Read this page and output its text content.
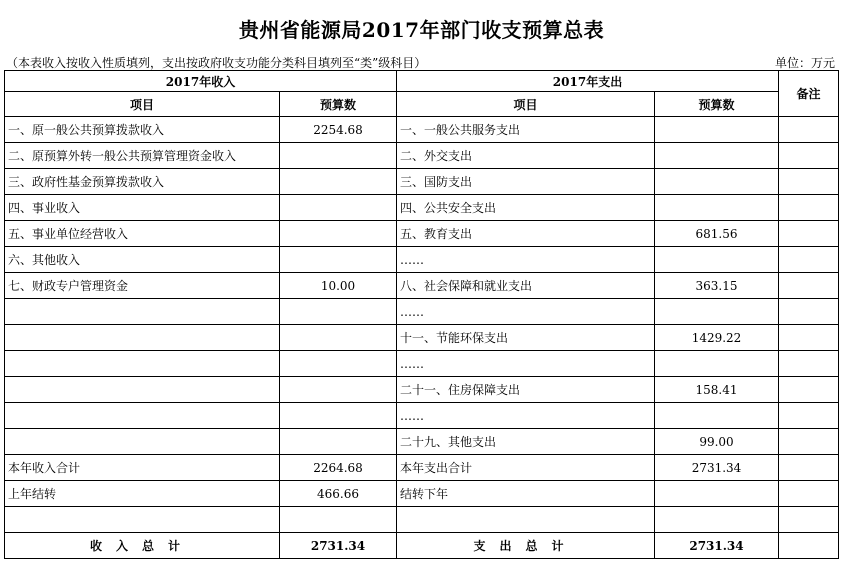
贵州省能源局2017年部门收支预算总表
（本表收入按收入性质填列，支出按政府收支功能分类科目填列至“类”级科目）	单位：万元
2017年收入		2017年支出		备注
项目	预算数	项目	预算数	
一、原一般公共预算拨款收入	2254.68	一、一般公共服务支出		
二、原预算外转一般公共预算管理资金收入		二、外交支出		
三、政府性基金预算拨款收入		三、国防支出		
四、事业收入		四、公共安全支出		
五、事业单位经营收入		五、教育支出	681.56	
六、其他收入		……		
七、财政专户管理资金	10.00	八、社会保障和就业支出	363.15	
		……		
		十一、节能环保支出	1429.22	
		……		
		二十一、住房保障支出	158.41	
		……		
		二十九、其他支出	99.00	
本年收入合计	2264.68	本年支出合计	2731.34	
上年结转	466.66	结转下年		

收入总计	2731.34	支出总计	2731.34	
